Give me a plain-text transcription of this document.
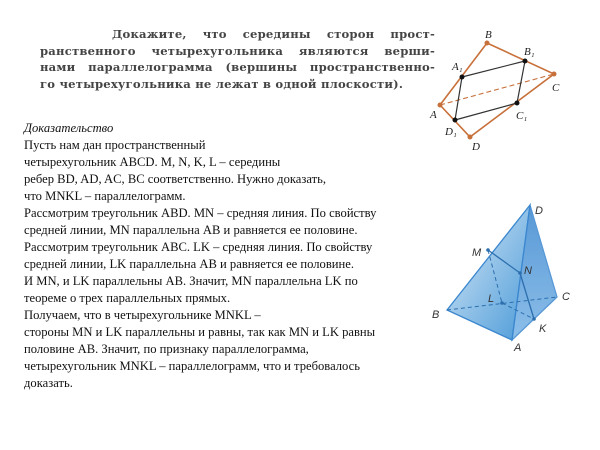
Докажите, что середины сторон прост-
ранственного четырехугольника являются верши-
нами параллелограмма (вершины пространственно-
го четырехугольника не лежат в одной плоскости).
Доказательство
Пусть нам дан пространственный
четырехугольник ABCD. M, N, K, L – середины
ребер BD, AD, AC, BC соответственно. Нужно доказать,
что MNKL – параллелограмм.
Рассмотрим треугольник ABD. MN – средняя линия. По свойству
средней линии, MN параллельна AB и равняется ее половине.
Рассмотрим треугольник ABC. LK – средняя линия. По свойству
средней линии, LK параллельна AB и равняется ее половине.
И MN, и LK параллельны AB. Значит, MN параллельна LK по
теореме о трех параллельных прямых.
Получаем, что в четырехугольнике MNKL –
стороны MN и LK параллельны и равны, так как MN и LK равны
половине AB. Значит, по признаку параллелограмма,
четырехугольник MNKL – параллелограмм, что и требовалось
доказать.
A
B
C
D
A₁
B₁
C₁
D₁
D
M
N
B
L	C
K
A
